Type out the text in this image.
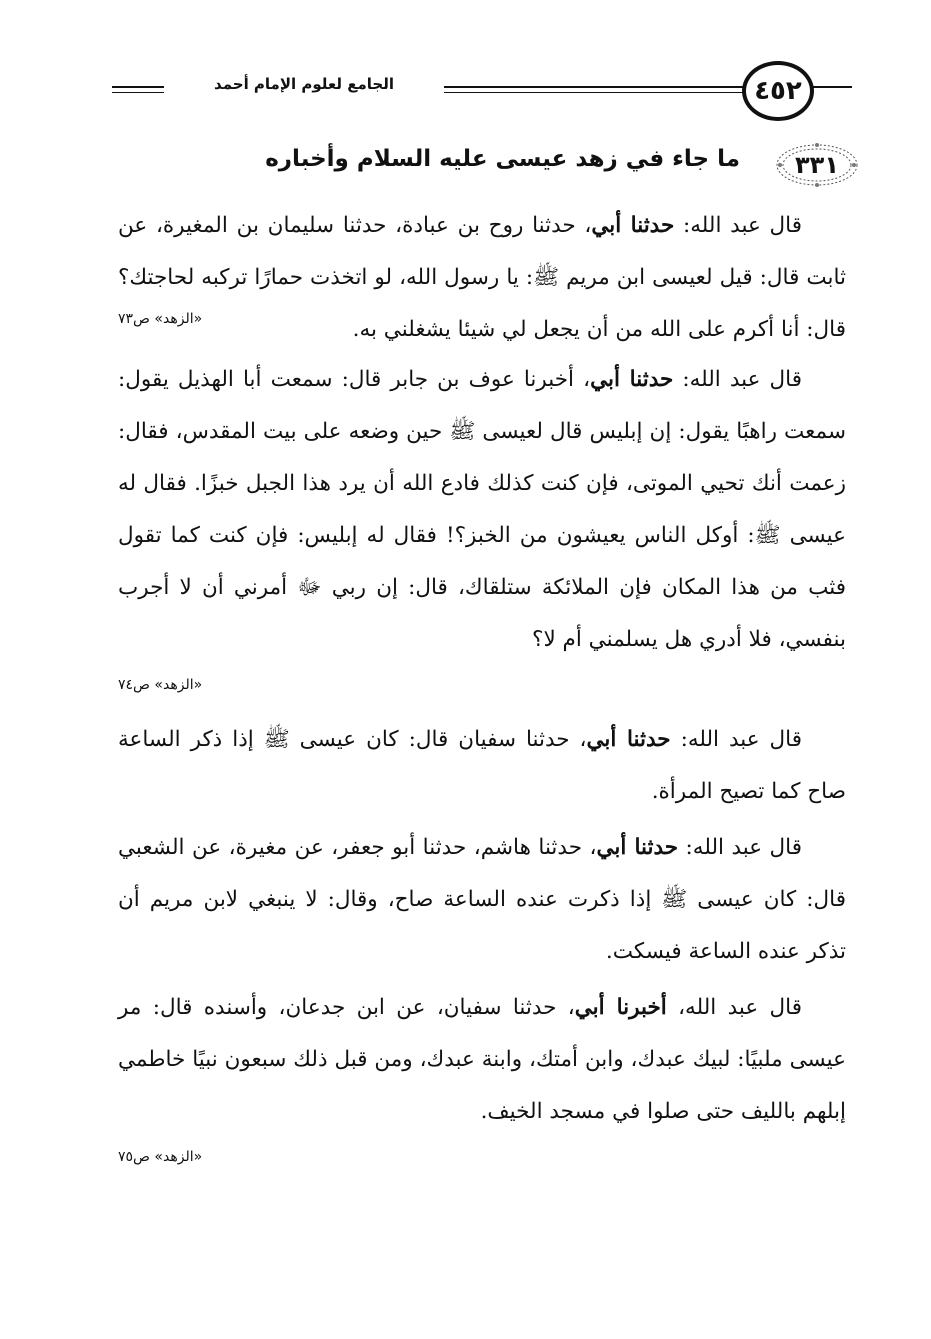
الجامع لعلوم الإمام أحمد	٤٥٢
ما جاء في زهد عيسى عليه السلام وأخباره ٣٣١

قال عبد الله: حدثنا أبي، حدثنا روح بن عبادة، حدثنا سليمان بن المغيرة، عن ثابت قال: قيل لعيسى ابن مريم ﷺ: يا رسول الله، لو اتخذت حمارًا تركبه لحاجتك؟ قال: أنا أكرم على الله من أن يجعل لي شيئا يشغلني به.

«الزهد» ص٧٣

قال عبد الله: حدثنا أبي، أخبرنا عوف بن جابر قال: سمعت أبا الهذيل يقول: سمعت راهبًا يقول: إن إبليس قال لعيسى ﷺ حين وضعه على بيت المقدس، فقال: زعمت أنك تحيي الموتى، فإن كنت كذلك فادع الله أن يرد هذا الجبل خبزًا. فقال له عيسى ﷺ: أوكل الناس يعيشون من الخبز؟! فقال له إبليس: فإن كنت كما تقول فثب من هذا المكان فإن الملائكة ستلقاك، قال: إن ربي ﷻ أمرني أن لا أجرب بنفسي، فلا أدري هل يسلمني أم لا؟

«الزهد» ص٧٤

قال عبد الله: حدثنا أبي، حدثنا سفيان قال: كان عيسى ﷺ إذا ذكر الساعة صاح كما تصيح المرأة.

قال عبد الله: حدثنا أبي، حدثنا هاشم، حدثنا أبو جعفر، عن مغيرة، عن الشعبي قال: كان عيسى ﷺ إذا ذكرت عنده الساعة صاح، وقال: لا ينبغي لابن مريم أن تذكر عنده الساعة فيسكت.

قال عبد الله، أخبرنا أبي، حدثنا سفيان، عن ابن جدعان، وأسنده قال: مر عيسى ملبيًا: لبيك عبدك، وابن أمتك، وابنة عبدك، ومن قبل ذلك سبعون نبيًا خاطمي إبلهم بالليف حتى صلوا في مسجد الخيف.

«الزهد» ص٧٥
